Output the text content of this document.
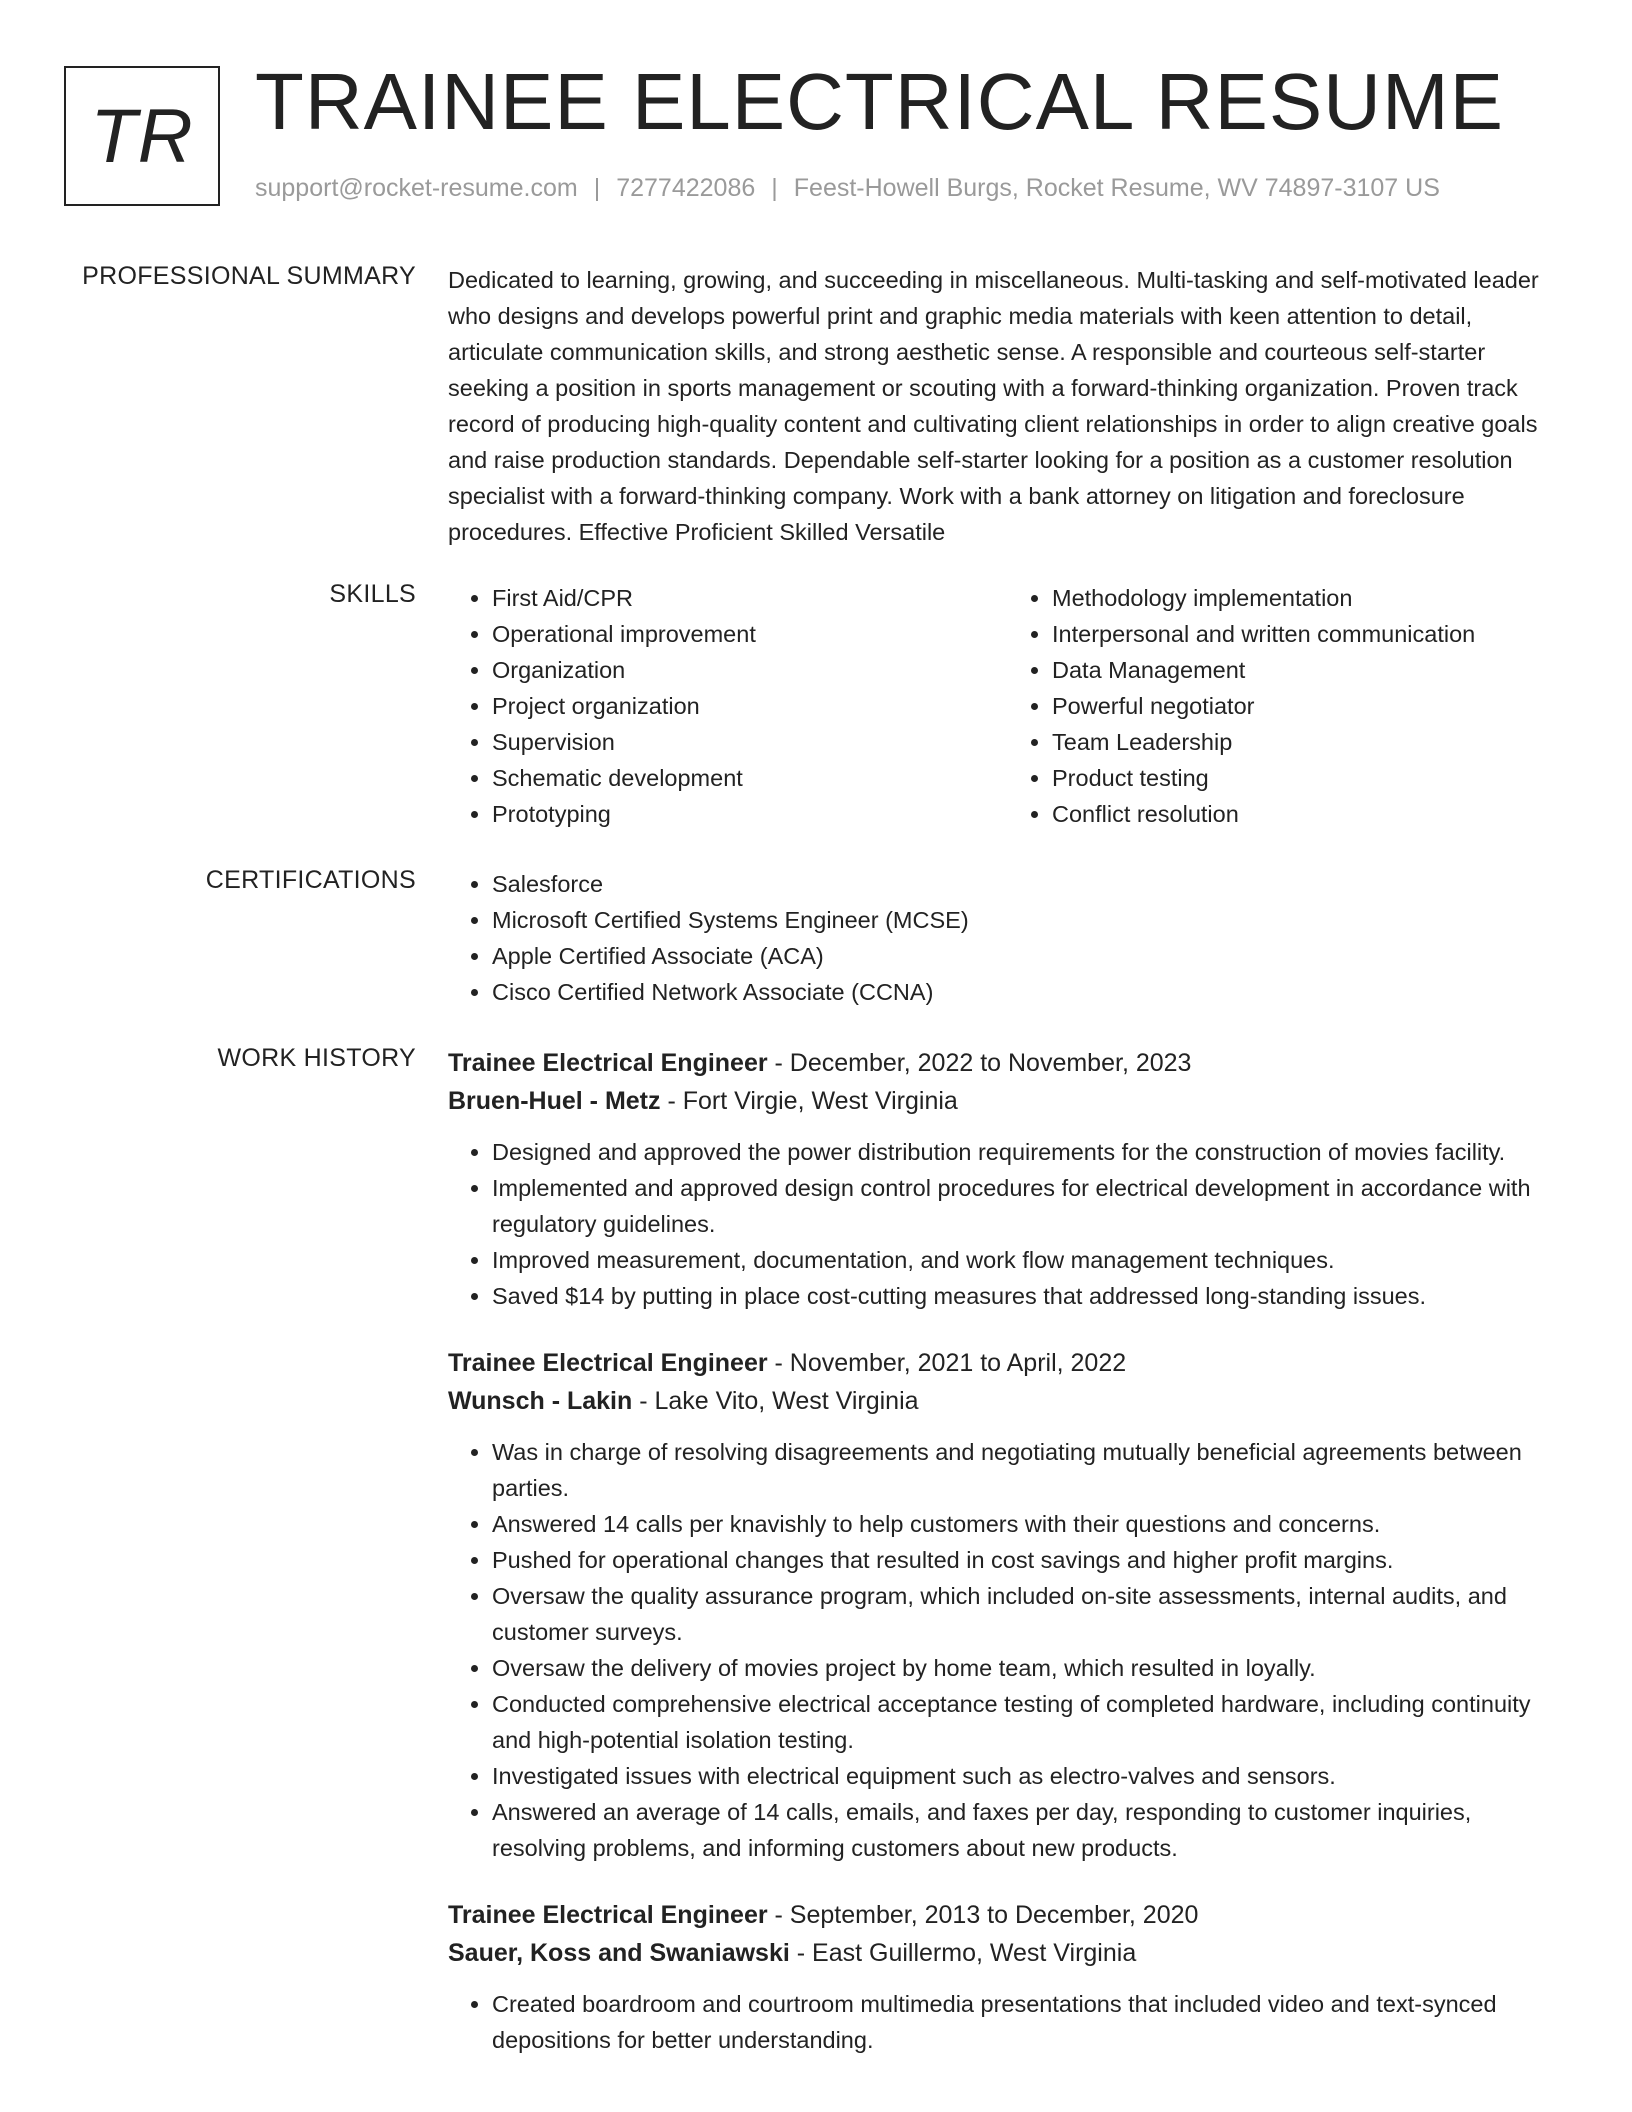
TR TRAINEE ELECTRICAL RESUME
support@rocket-resume.com | 7277422086 | Feest-Howell Burgs, Rocket Resume, WV 74897-3107 US
PROFESSIONAL SUMMARY Dedicated to learning, growing, and succeeding in miscellaneous. Multi-tasking and self-motivated leader who designs and develops powerful print and graphic media materials with keen attention to detail, articulate communication skills, and strong aesthetic sense. A responsible and courteous self-starter seeking a position in sports management or scouting with a forward-thinking organization. Proven track record of producing high-quality content and cultivating client relationships in order to align creative goals and raise production standards. Dependable self-starter looking for a position as a customer resolution specialist with a forward-thinking company. Work with a bank attorney on litigation and foreclosure procedures. Effective Proficient Skilled Versatile

SKILLS	• First Aid/CPR
• Operational improvement
• Organization
• Project organization
• Supervision
• Schematic development
• Prototyping
• Methodology implementation
• Interpersonal and written communication
• Data Management
• Powerful negotiator
• Team Leadership
• Product testing
• Conflict resolution
CERTIFICATIONS	• Salesforce
• Microsoft Certified Systems Engineer (MCSE)
• Apple Certified Associate (ACA)
• Cisco Certified Network Associate (CCNA)
WORK HISTORY Trainee Electrical Engineer - December, 2022 to November, 2023
Bruen-Huel - Metz - Fort Virgie, West Virginia
• Designed and approved the power distribution requirements for the construction of movies facility.
• Implemented and approved design control procedures for electrical development in accordance with regulatory guidelines.
• Improved measurement, documentation, and work flow management techniques.
• Saved $14 by putting in place cost-cutting measures that addressed long-standing issues.
Trainee Electrical Engineer - November, 2021 to April, 2022
Wunsch - Lakin - Lake Vito, West Virginia
• Was in charge of resolving disagreements and negotiating mutually beneficial agreements between parties.
• Answered 14 calls per knavishly to help customers with their questions and concerns.
• Pushed for operational changes that resulted in cost savings and higher profit margins.
• Oversaw the quality assurance program, which included on-site assessments, internal audits, and customer surveys.
• Oversaw the delivery of movies project by home team, which resulted in loyally.
• Conducted comprehensive electrical acceptance testing of completed hardware, including continuity and high-potential isolation testing.
• Investigated issues with electrical equipment such as electro-valves and sensors.
• Answered an average of 14 calls, emails, and faxes per day, responding to customer inquiries, resolving problems, and informing customers about new products.
Trainee Electrical Engineer - September, 2013 to December, 2020
Sauer, Koss and Swaniawski - East Guillermo, West Virginia
• Created boardroom and courtroom multimedia presentations that included video and text-synced depositions for better understanding.
